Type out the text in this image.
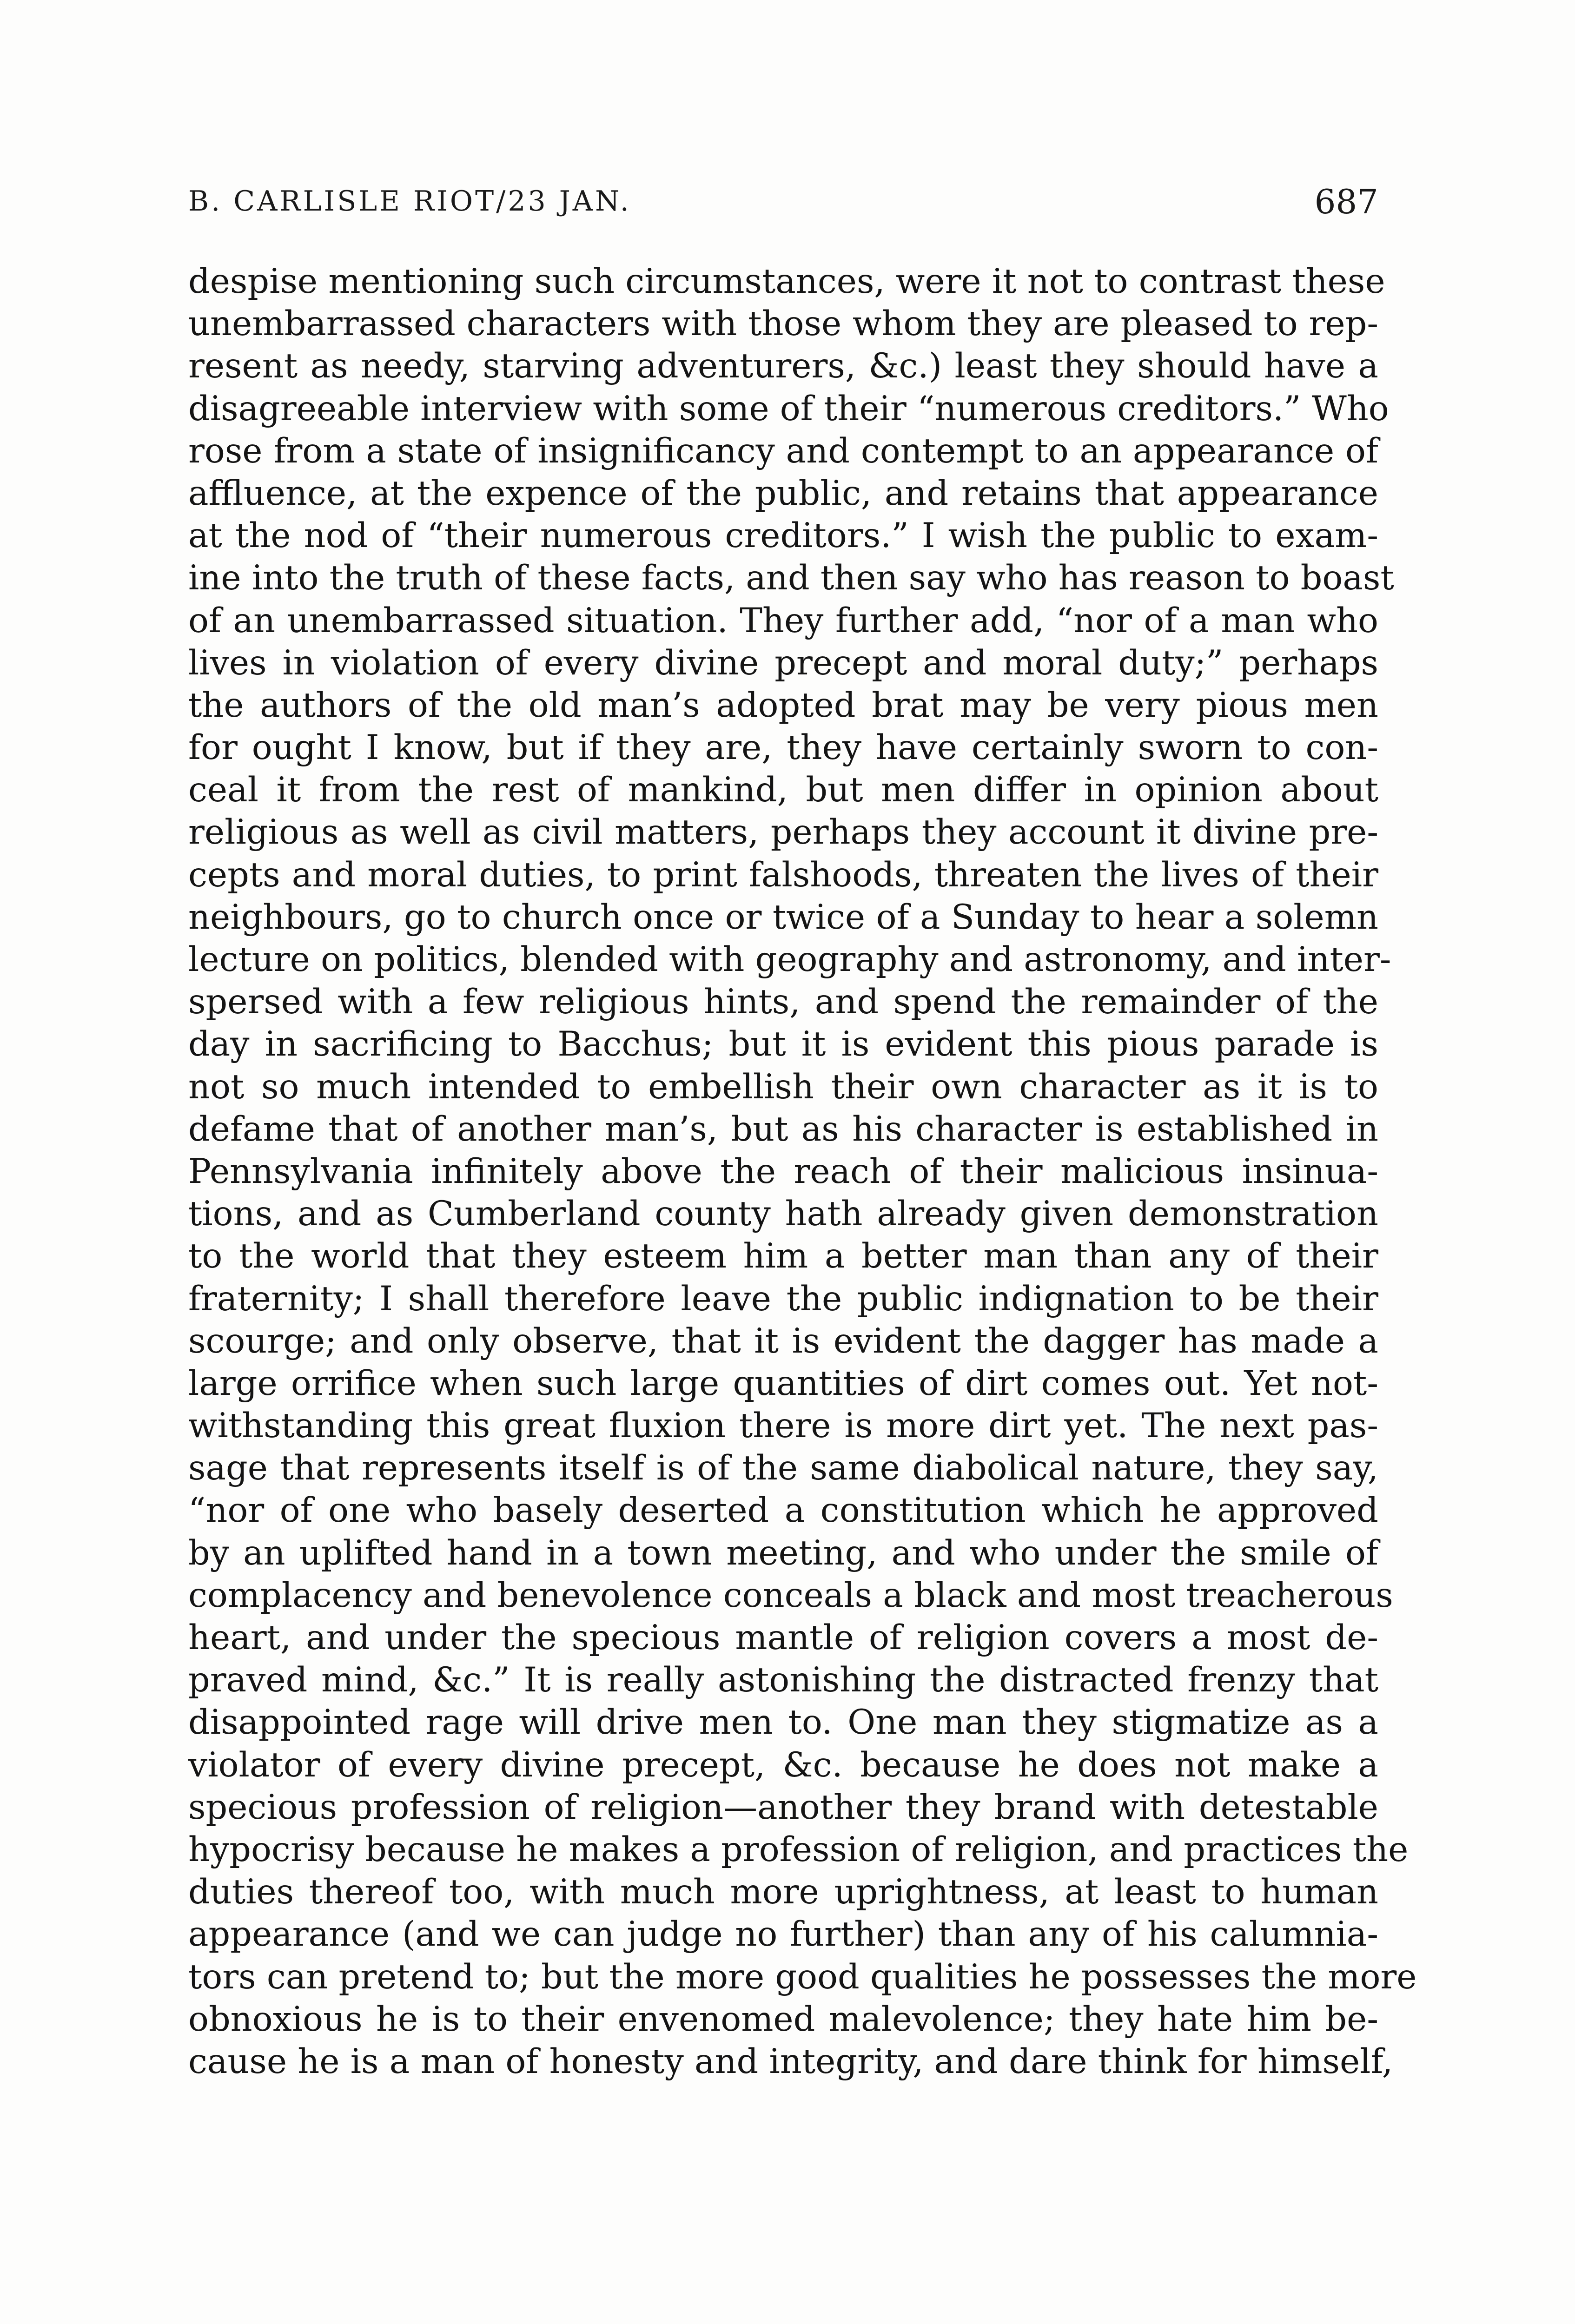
B. CARLISLE RIOT/23 JAN.	687
despise mentioning such circumstances, were it not to contrast these
unembarrassed characters with those whom they are pleased to rep-
resent as needy, starving adventurers, &c.) least they should have a
disagreeable interview with some of their “numerous creditors.” Who
rose from a state of insignificancy and contempt to an appearance of
affluence, at the expence of the public, and retains that appearance
at the nod of “their numerous creditors.” I wish the public to exam-
ine into the truth of these facts, and then say who has reason to boast
of an unembarrassed situation. They further add, “nor of a man who
lives in violation of every divine precept and moral duty;” perhaps
the authors of the old man’s adopted brat may be very pious men
for ought I know, but if they are, they have certainly sworn to con-
ceal it from the rest of mankind, but men differ in opinion about
religious as well as civil matters, perhaps they account it divine pre-
cepts and moral duties, to print falshoods, threaten the lives of their
neighbours, go to church once or twice of a Sunday to hear a solemn
lecture on politics, blended with geography and astronomy, and inter-
spersed with a few religious hints, and spend the remainder of the
day in sacrificing to Bacchus; but it is evident this pious parade is
not so much intended to embellish their own character as it is to
defame that of another man’s, but as his character is established in
Pennsylvania infinitely above the reach of their malicious insinua-
tions, and as Cumberland county hath already given demonstration
to the world that they esteem him a better man than any of their
fraternity; I shall therefore leave the public indignation to be their
scourge; and only observe, that it is evident the dagger has made a
large orrifice when such large quantities of dirt comes out. Yet not-
withstanding this great fluxion there is more dirt yet. The next pas-
sage that represents itself is of the same diabolical nature, they say,
“nor of one who basely deserted a constitution which he approved
by an uplifted hand in a town meeting, and who under the smile of
complacency and benevolence conceals a black and most treacherous
heart, and under the specious mantle of religion covers a most de-
praved mind, &c.” It is really astonishing the distracted frenzy that
disappointed rage will drive men to. One man they stigmatize as a
violator of every divine precept, &c. because he does not make a
specious profession of religion—another they brand with detestable
hypocrisy because he makes a profession of religion, and practices the
duties thereof too, with much more uprightness, at least to human
appearance (and we can judge no further) than any of his calumnia-
tors can pretend to; but the more good qualities he possesses the more
obnoxious he is to their envenomed malevolence; they hate him be-
cause he is a man of honesty and integrity, and dare think for himself,
